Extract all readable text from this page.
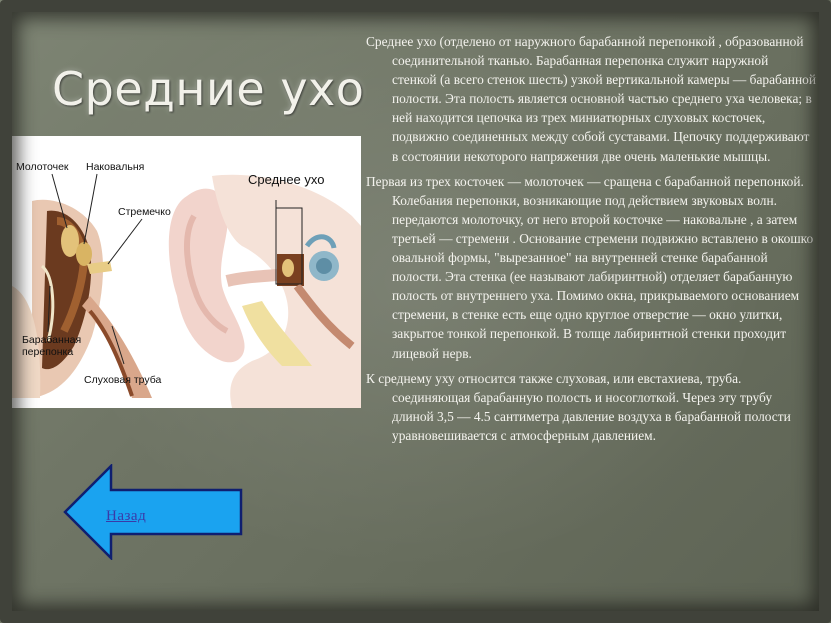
Средние ухо
Молоточек Наковальня
Стремечко
Барабанная
перепонка
Слуховая труба
Среднее ухо

Среднее ухо (отделено от наружного барабанной перепонкой , образованной соединительной тканью. Барабанная перепонка служит наружной стенкой (а всего стенок шесть) узкой вертикальной камеры — барабанной полости. Эта полость является основной частью среднего уха человека; в ней находится цепочка из трех миниатюрных слуховых косточек, подвижно соединенных между собой суставами. Цепочку поддерживают в состоянии некоторого напряжения две очень маленькие мышцы.

Первая из трех косточек — молоточек — сращена с барабанной перепонкой. Колебания перепонки, возникающие под действием звуковых волн. передаются молоточку, от него второй косточке — наковальне , а затем третьей — стремени . Основание стремени подвижно вставлено в окошко овальной формы, "вырезанное" на внутренней стенке барабанной полости. Эта стенка (ее называют лабиринтной) отделяет барабанную полость от внутреннего уха. Помимо окна, прикрываемого основанием стремени, в стенке есть еще одно круглое отверстие — окно улитки, закрытое тонкой перепонкой. В толще лабиринтной стенки проходит лицевой нерв.

К среднему уху относится также слуховая, или евстахиева, труба. соединяющая барабанную полость и носоглоткой. Через эту трубу длиной 3,5 — 4.5 сантиметра давление воздуха в барабанной полости уравновешивается с атмосферным давлением.

Назад
